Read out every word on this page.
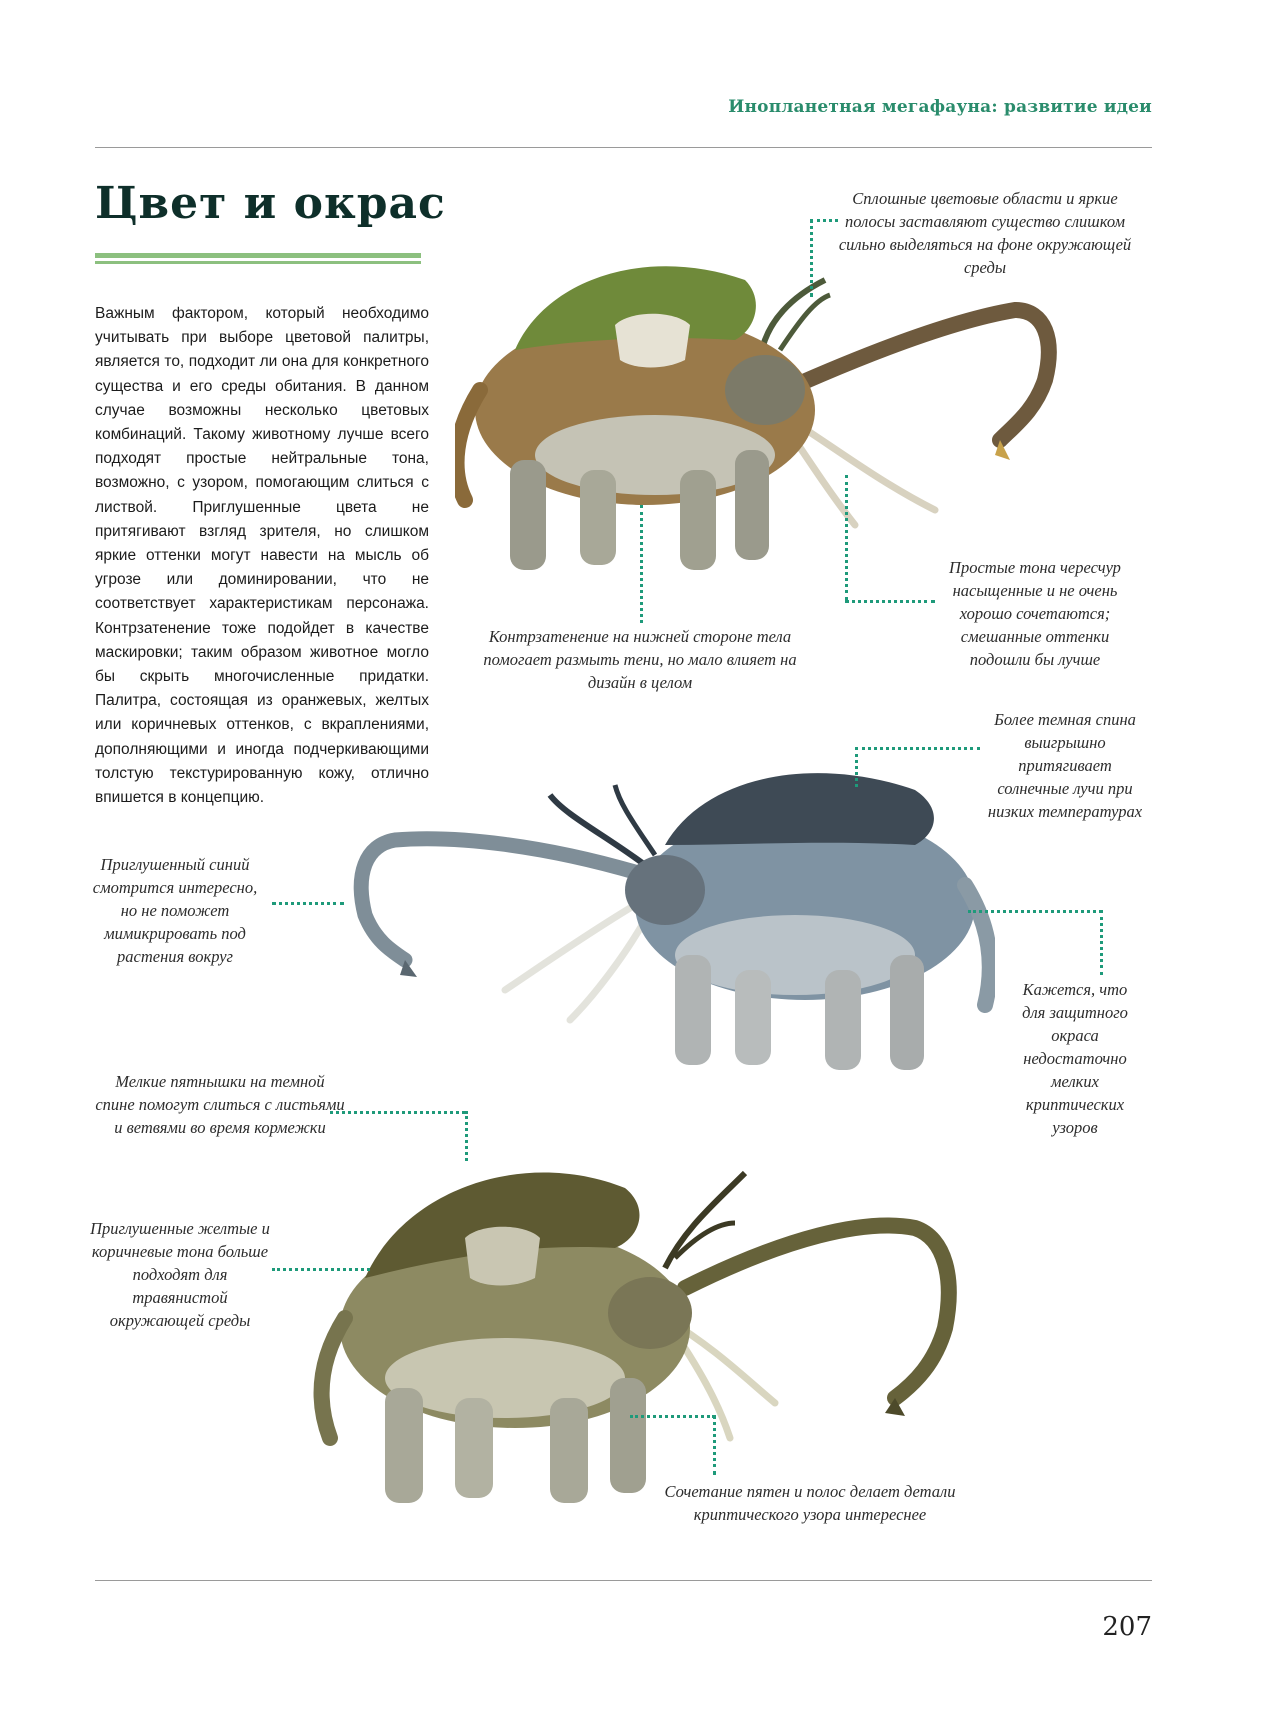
Инопланетная мегафауна: развитие идеи
Цвет и окрас
Важным фактором, который необходимо учитывать при выборе цветовой палитры, является то, подходит ли она для конкретного существа и его среды обитания. В данном случае возможны несколько цветовых комбинаций. Такому животному лучше всего подходят простые нейтральные тона, возможно, с узором, помогающим слиться с листвой. Приглушенные цвета не притягивают взгляд зрителя, но слишком яркие оттенки могут навести на мысль об угрозе или доминировании, что не соответствует характеристикам персонажа. Контрзатенение тоже подойдет в качестве маскировки; таким образом животное могло бы скрыть многочисленные придатки. Палитра, состоящая из оранжевых, желтых или коричневых оттенков, с вкраплениями, дополняющими и иногда подчеркивающими толстую текстурированную кожу, отлично впишется в концепцию.
Сплошные цветовые области и яркие полосы заставляют существо слишком сильно выделяться на фоне окружающей среды
Простые тона чересчур насыщенные и не очень хорошо сочетаются; смешанные оттенки подошли бы лучше
Контрзатенение на нижней стороне тела помогает размыть тени, но мало влияет на дизайн в целом
Более темная спина выигрышно притягивает солнечные лучи при низких температурах
Приглушенный синий смотрится интересно, но не поможет мимикрировать под растения вокруг
Кажется, что для защитного окраса недостаточно мелких криптических узоров
Мелкие пятнышки на темной спине помогут слиться с листьями и ветвями во время кормежки
Приглушенные желтые и коричневые тона больше подходят для травянистой окружающей среды
Сочетание пятен и полос делает детали криптического узора интереснее
207
